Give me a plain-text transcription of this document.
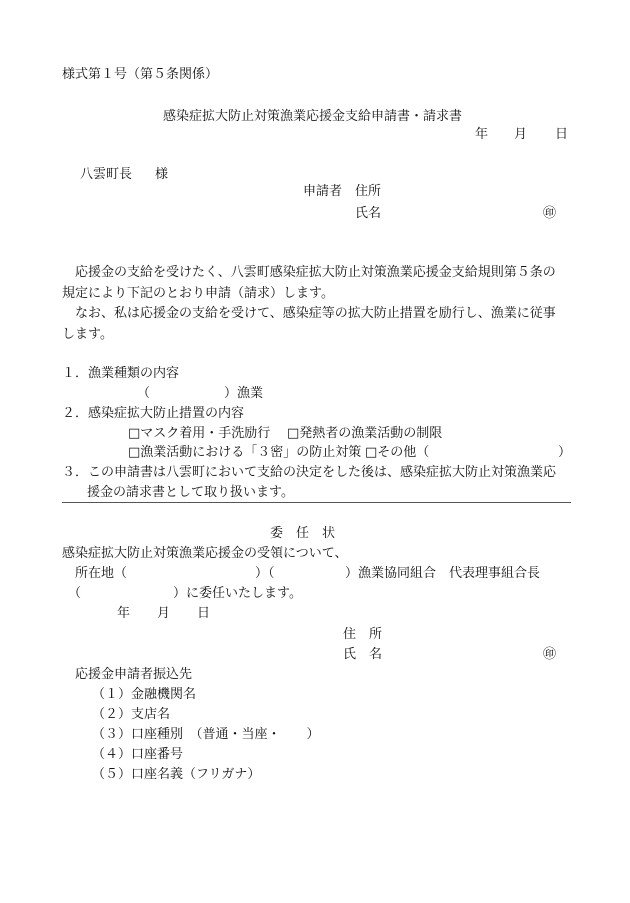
様式第１号（第５条関係）
感染症拡大防止対策漁業応援金支給申請書・請求書
年 月 日
八雲町長 様
申請者 住所
氏名	㊞
応援金の支給を受けたく、八雲町感染症拡大防止対策漁業応援金支給規則第５条の
規定により下記のとおり申請（請求）します。
なお、私は応援金の支給を受けて、感染症等の拡大防止措置を励行し、漁業に従事
します。
１．漁業種類の内容
（	）漁業
２．感染症拡大防止措置の内容
□マスク着用・手洗励行 □発熱者の漁業活動の制限
□漁業活動における「３密」の防止対策 □その他（	）
３．この申請書は八雲町において支給の決定をした後は、感染症拡大防止対策漁業応
援金の請求書として取り扱います。
委　任　状
感染症拡大防止対策漁業応援金の受領について、
所在地（	）（	）漁業協同組合　代表理事組合長
（	）に委任いたします。
年 月 日
住　所
氏　名	㊞
応援金申請者振込先
（１）金融機関名
（２）支店名
（３）口座種別　（普通・当座・　　）
（４）口座番号
（５）口座名義（フリガナ）
